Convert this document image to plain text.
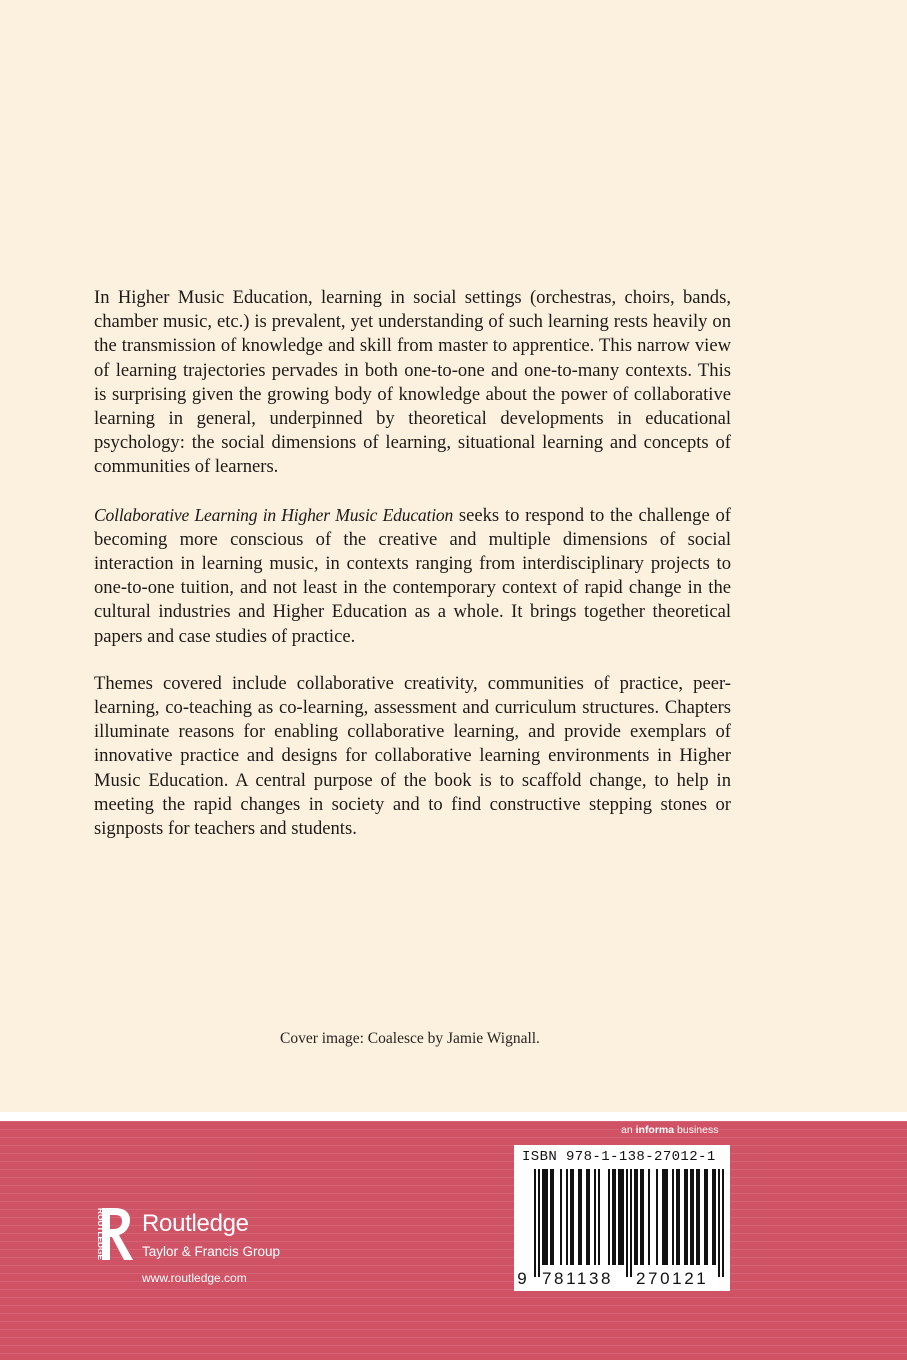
In Higher Music Education, learning in social settings (orchestras, choirs, bands, chamber music, etc.) is prevalent, yet understanding of such learning rests heavily on the transmission of knowledge and skill from master to apprentice. This narrow view of learning trajectories pervades in both one-to-one and one-to-many contexts. This is surprising given the growing body of knowledge about the power of collaborative learning in general, underpinned by theoretical developments in educational psychology: the social dimensions of learning, situational learning and concepts of communities of learners.

Collaborative Learning in Higher Music Education seeks to respond to the challenge of becoming more conscious of the creative and multiple dimensions of social interaction in learning music, in contexts ranging from interdisciplinary projects to one-to-one tuition, and not least in the contemporary context of rapid change in the cultural industries and Higher Education as a whole. It brings together theoretical papers and case studies of practice.

Themes covered include collaborative creativity, communities of practice, peer-learning, co-teaching as co-learning, assessment and curriculum structures. Chapters illuminate reasons for enabling collaborative learning, and provide exemplars of innovative practice and designs for collaborative learning environments in Higher Music Education. A central purpose of the book is to scaffold change, to help in meeting the rapid changes in society and to find constructive stepping stones or signposts for teachers and students.

Cover image: Coalesce by Jamie Wignall.
an informa business
ROUTLEDGE Routledge
Taylor & Francis Group
www.routledge.com
ISBN 978-1-138-27012-1
9 781138 270121
